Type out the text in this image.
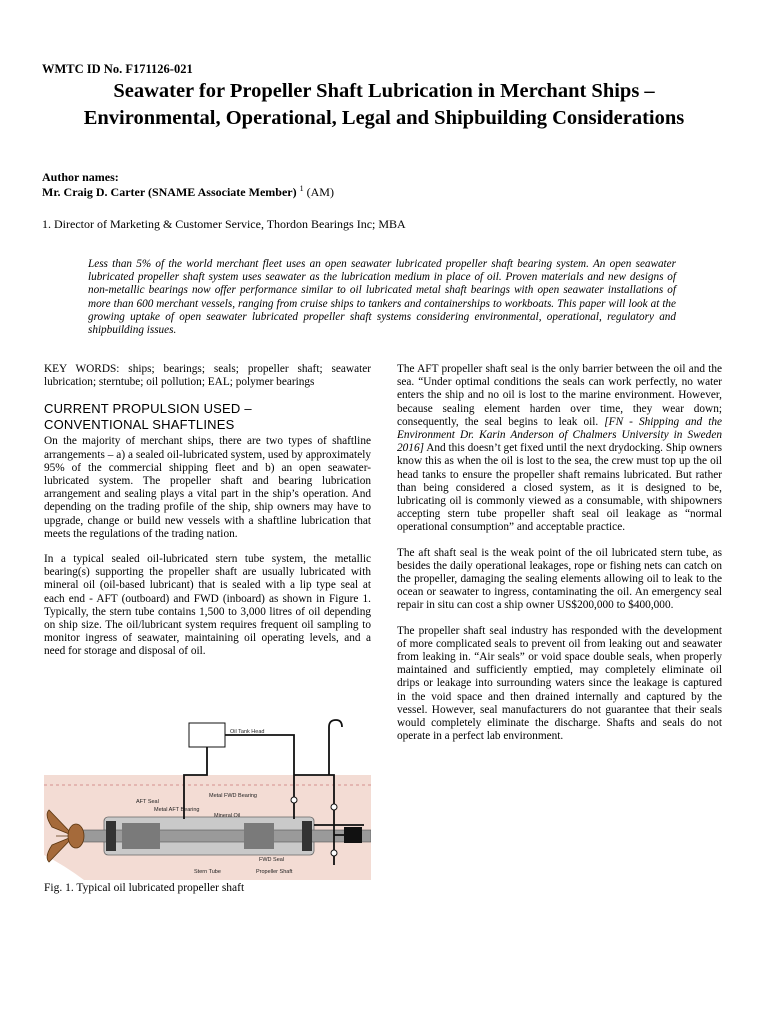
WMTC ID No. F171126-021
Seawater for Propeller Shaft Lubrication in Merchant Ships –
Environmental, Operational, Legal and Shipbuilding Considerations
Author names:
Mr. Craig D. Carter (SNAME Associate Member) $^1$ (AM)
1. Director of Marketing & Customer Service, Thordon Bearings Inc; MBA
Less than 5% of the world merchant fleet uses an open seawater lubricated propeller shaft bearing system. An open seawater lubricated propeller shaft system uses seawater as the lubrication medium in place of oil. Proven materials and new designs of non-metallic bearings now offer performance similar to oil lubricated metal shaft bearings with open seawater installations of more than 600 merchant vessels, ranging from cruise ships to tankers and containerships to workboats. This paper will look at the growing uptake of open seawater lubricated propeller shaft systems considering environmental, operational, regulatory and shipbuilding issues.

KEY WORDS: ships; bearings; seals; propeller shaft; seawater lubrication; sterntube; oil pollution; EAL; polymer bearings

CURRENT PROPULSION USED –
CONVENTIONAL SHAFTLINES

On the majority of merchant ships, there are two types of shaftline arrangements – a) a sealed oil-lubricated system, used by approximately 95% of the commercial shipping fleet and b) an open seawater-lubricated system. The propeller shaft and bearing lubrication arrangement and sealing plays a vital part in the ship’s operation. And depending on the trading profile of the ship, ship owners may have to upgrade, change or build new vessels with a shaftline lubrication that meets the regulations of the trading nation.

In a typical sealed oil-lubricated stern tube system, the metallic bearing(s) supporting the propeller shaft are usually lubricated with mineral oil (oil-based lubricant) that is sealed with a lip type seal at each end - AFT (outboard) and FWD (inboard) as shown in Figure 1. Typically, the stern tube contains 1,500 to 3,000 litres of oil depending on ship size. The oil/lubricant system requires frequent oil sampling to monitor ingress of seawater, maintaining oil operating levels, and a need for storage and disposal of oil.

Oil Tank Head
Metal FWD Bearing
AFT Seal
Metal AFT Bearing
Mineral Oil
FWD Seal
Stern Tube	Propeller Shaft
Fig. 1. Typical oil lubricated propeller shaft

The AFT propeller shaft seal is the only barrier between the oil and the sea. “Under optimal conditions the seals can work perfectly, no water enters the ship and no oil is lost to the marine environment. However, because sealing element harden over time, they wear down; consequently, the seal begins to leak oil. [FN - Shipping and the Environment Dr. Karin Anderson of Chalmers University in Sweden 2016] And this doesn’t get fixed until the next drydocking. Ship owners know this as when the oil is lost to the sea, the crew must top up the oil head tanks to ensure the propeller shaft remains lubricated. But rather than being considered a closed system, as it is designed to be, lubricating oil is commonly viewed as a consumable, with shipowners accepting stern tube propeller shaft seal oil leakage as “normal operational consumption” and acceptable practice.

The aft shaft seal is the weak point of the oil lubricated stern tube, as besides the daily operational leakages, rope or fishing nets can catch on the propeller, damaging the sealing elements allowing oil to leak to the ocean or seawater to ingress, contaminating the oil. An emergency seal repair in situ can cost a ship owner US$200,000 to $400,000.

The propeller shaft seal industry has responded with the development of more complicated seals to prevent oil from leaking out and seawater from leaking in. “Air seals” or void space double seals, when properly maintained and sufficiently emptied, may completely eliminate oil drips or leakage into surrounding waters since the leakage is captured in the void space and then drained internally and captured by the vessel. However, seal manufacturers do not guarantee that their seals would completely eliminate the discharge. Shafts and seals do not operate in a perfect lab environment.
